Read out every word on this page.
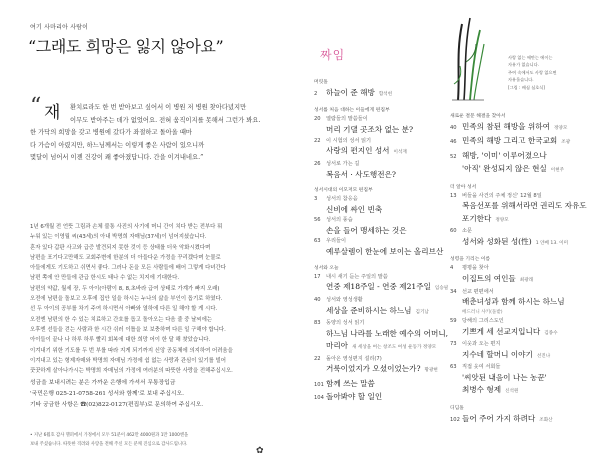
여기 사마리아 사람이
“그래도 희망은 잃지 않아요”
“ 재 환치료라도 한 번 받아보고 싶어서 이 병원 저 병원 찾아다녔지만
이무도 받아주는 데가 없었어요. 전혀 움직이지를 못해서 그런가 봐요.
한 가닥의 희망을 갖고 병원에 갔다가 좌절하고 돌아올 때마
다 가슴이 아렸지만, 하느님께서는 이렇게 좋은 사람이 있으니까
몇달이 넘어서 이젠 건강이 쾌 좋아졌답니다. 간을 이겨내네요.”
1년 6개월 전 언뜻 그림과 손체 불통 사진의 사기에 머니 간이 치다 받는 전부다 뭐
누워 있는 이영월 씨(43세)의 아내 박명희 자매님(37세)이 넘어지셨습니다.
혼자 있다 갑판 사고와 급증 발견되지 못한 것이 등 상태를 더욱 악화시켰다며
남편을 포기다고만해도 교회주변에 한분의 더 아들다운 가정을 꾸리겠다며 눈물로
아들에게도 기도하고 쉬면서 좋다. 그러나 돈을 모든 사람들에 배어 그렇게 다녀간다
남편 쪽에 안 만들에 관급 한시도 태나 수 없는 치지에 기대한다.
남편의 약값, 월세 장, 두 아이(아람이 8, 8,초바라 급여 상태로 가계가 빠지 오래)
오전에 남편을 돌보고 오후에 집안 일을 하시는 누나의 삶을 부인이 돕기로 하였다.
선 두 아이의 공부를 차기 주여 하시면서 아빠와 열하에 다른 일 해야 할 게 시다.
오전엔 남편의 한 수 있는 치료하고 간호를 돕고 돌아오는 다음 줄 중 날씨에는
오후엔 선들을 걷는 사람과 한 시간 쉬러 이틀을 보 보충하며 다른 일 구해야 합니다.
아이들이 끝나 나 하루 하루 빨리 회복에 대한 희망 어이 한 달 해 찾았습니다.
이겨내기 위한 기도를 두 번 부를 따라 지게 되기까지 신앙 공동체에 의지하여 어려움을
이겨내고 있는 형제자매와 박명희 자매님 가정에 쉼 없는 사랑과 관심이 있기를 빌어
꿋꿋하게 살아나가시는 박명희 자매님의 가정에 여러분의 따뜻한 사랑을 전해주십시오.
성금을 보내시려는 분은 가까운 은행에 가셔서 무통장입금
'국민은행 025-21-0758-261 성서와 함께'로 보내 주십시오.
기타 궁금한 사항은 ☎(02)822-0127(편집부)로 문의하여 주십시오.
• 지난 6월호 감사 헬퍼에서 가정에서 모두 51분이 462만 4000원과 1만 1000엔을
보내 주셨습니다. 따뜻한 격려와 사랑을 전해 주신 모든 분께 진심으로 감사드립니다.
✿
짜임	사랑 없는 에만는 에이는
자유가 없습니다.
주여 속에서도 사랑 없으면
자유롭습니다.
[그림 : 배심 심호식]
머릿돌
2 하늘이 준 해방 함석헌
성서를 처음 대하는 이들에게 편집부
20 열람들의 말씀들이
머리 기댈 곳조차 없는 분?
22 이 시험의 성서 읽기
사랑의 편지인 성서 이석재
26 성서로 가는 길
복음서 · 사도행전은?
성서시대의 이모저모 편집부
3 성서의 참응음
신비에 싸인 빈축
56 성서의 풍습
손을 들어 맹세하는 것은
63 우리들이
예루살렘이 한눈에 보이는 올리브산
성서와 오늘
17 내시 새기 듣는 주일의 말씀
연중 제18주일 - 연중 제21주일 임승필
40 성서와 영성생활
세상을 준비하시는 하느님 김기남
83 동양의 성서 읽기
하느님 나라를 노래한 예수의 어머니,
마리아 새 세상을 여는 창조도 여성 운동가 정양모
22 돌아온 영성편지 설리(7)
거룩이었지가 오셨이었는가? 황광현
101 함께 쓰는 말씀
104 돌아봐야 할 일인
새로운 결문 해결을 찾아서
40 민족의 참된 해방을 위하여 정양모
46 민족의 해방 그리고 한국교회 조광
52 해방, '이미' 이루어졌으나
'아직' 완성되지 않은 현실 이현주
더 알아 성서
13 버들을 사건의 주체 정신' 12월 8일
복음선포를 위해서라면 권리도 자유도
포기한다 정양모
60 소문
성서와 성화된 성(性) 1 얀베 13. 이미
성령을 기리는 이름
4 평평을 찾아
이집트의 여인들 최광래
34 선교 편편에서
배춘녀성과 함께 하시는 하느님
베드러니 샤키(돌밭)
59 당해의 그리스도인
기쁘게 세 선교지입니다 김종수
73 이웃과 오는 편지
지수네 할머니 이야기 선진나
63 직접 웃여 서회들
'씨앗된 내음이 나는 농꾼'
최병수 형제 신석원
디딤돌
102 들어 주어 가지 하려다 조화산
